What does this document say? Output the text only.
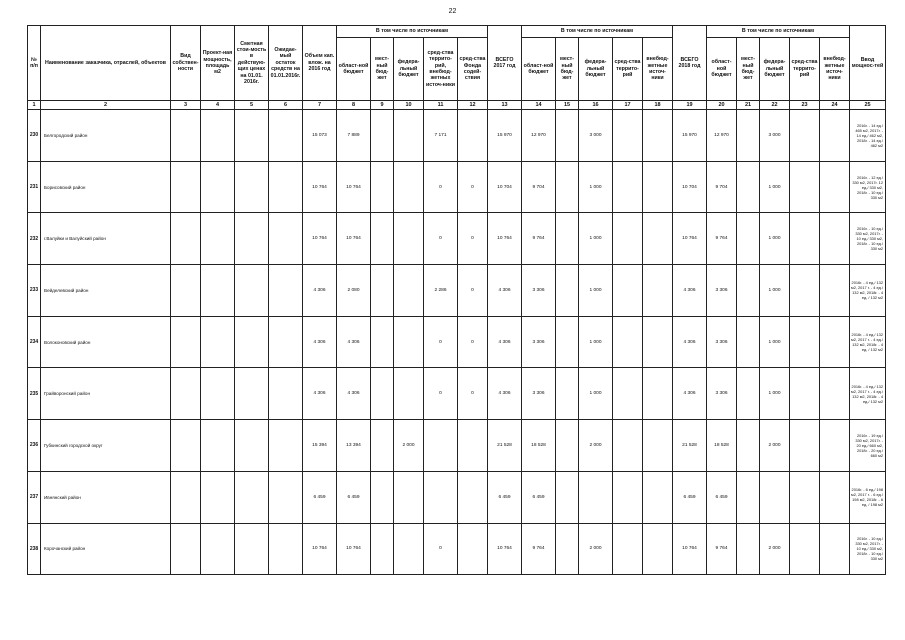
22
№ п/п	Наименование заказчика, отраслей, объектов	Вид собствен-ности	Проект-ная мощность, площадь м2	Сметная стои-мость в действую-щих ценах на 01.01. 2016г.	Ожидае-мый остаток средств на 01.01.2016г.	Объем кап. влож. на 2016 год	В том числе по источникам					ВСЕГО 2017 год	В том числе по источникам					ВСЕГО 2018 год	В том числе по источникам					Ввод мощнос-тей
							област-ной бюджет	мест-ный бюд-жет	федера-льный бюджет	сред-ства террито-рий, внебюд-жетных источ-ники	сред-ства Фонда содей-ствия		област-ной бюджет	мест-ный бюд-жет	федера-льный бюджет	сред-ства террито-рий	внебюд-жетные источ-ники		област-ной бюджет	мест-ный бюд-жет	федера-льный бюджет	сред-ства террито-рий	внебюд-жетные источ-ники	
1	2	3	4	5	6	7	8	9	10	11	12	13	14	15	16	17	18	19	20	21	22	23	24	25
230	Белгородский район					15 073	7 889			7 171		15 970	12 970		3 000			15 970	12 970		3 000			2016г. - 14 ед./ 465 м2, 2017г. - 14 ед./ 462 м2, 2018г. - 14 ед./ 462 м2
231	Борисовский район					10 764	10 764			0	0	10 704	9 704		1 000			10 704	9 704		1 000			2016г. - 12 ед./ 330 м2, 2017г. 12 ед./ 330 м2, 2018г. - 10 ед./ 330 м2
232	г.Валуйки и Валуйский район					10 764	10 764			0	0	10 764	9 764		1 000			10 764	9 764		1 000			2016г. - 10 ед./ 330 м2, 2017г. - 10 ед./ 330 м2, 2018г. - 10 ед./ 330 м2
233	Вейделевский район					4 306	2 080			2 286	0	4 306	3 306		1 000			4 306	3 306		1 000			2016г. - 4 ед./ 132 м2, 2017 г. - 4 ед./ 132 м2, 2018г. - 4 ед. / 132 м2
234	Волоконовский район					4 306	4 306			0	0	4 306	3 306		1 000			4 306	3 306		1 000			2016г. - 4 ед./ 132 м2, 2017 г. - 4 ед./ 132 м2, 2018г. - 4 ед. / 132 м2
235	Грайворонский район					4 306	4 306			0	0	4 306	3 306		1 000			4 306	3 306		1 000			2016г. - 4 ед./ 132 м2, 2017 г. - 4 ед./ 132 м2, 2018г. - 4 ед./ 132 м2
236	Губкинский городской округ					15 394	13 394		2 000			21 528	18 528		2 000			21 528	18 528		2 000			2016г. - 19 ед./ 330 м2, 2017г. - 20 ед./ 660 м2, 2018г. - 20 ед./ 660 м2
237	Ивнянский район					6 459	6 459					6 459	6 459					6 459	6 459					2016г. - 6 ед./ 198 м2, 2017 г. - 6 ед./ 198 м2, 2018г. - 6 ед. / 198 м2
238	Корочанский район					10 764	10 764			0		10 764	9 764		2 000			10 764	9 764		2 000			2016г. - 10 ед./ 330 м2, 2017г. - 10 ед./ 330 м2, 2018г. - 10 ед./ 330 м2
